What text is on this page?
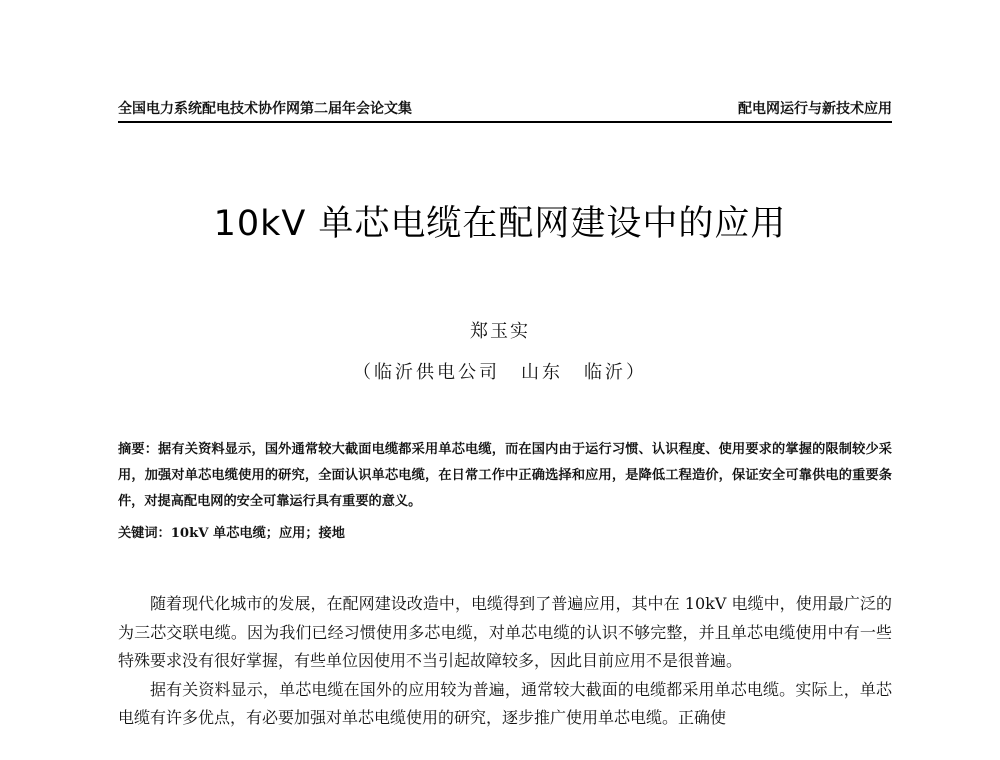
全国电力系统配电技术协作网第二届年会论文集	配电网运行与新技术应用
10kV 单芯电缆在配网建设中的应用
郑玉实
（临沂供电公司　山东　临沂）
摘要：据有关资料显示，国外通常较大截面电缆都采用单芯电缆，而在国内由于运行习惯、认识程度、使用要求的掌握的限制较少采用，加强对单芯电缆使用的研究，全面认识单芯电缆，在日常工作中正确选择和应用，是降低工程造价，保证安全可靠供电的重要条件，对提高配电网的安全可靠运行具有重要的意义。
关键词：10kV 单芯电缆；应用；接地

随着现代化城市的发展，在配网建设改造中，电缆得到了普遍应用，其中在 10kV 电缆中，使用最广泛的为三芯交联电缆。因为我们已经习惯使用多芯电缆，对单芯电缆的认识不够完整，并且单芯电缆使用中有一些特殊要求没有很好掌握，有些单位因使用不当引起故障较多，因此目前应用不是很普遍。

据有关资料显示，单芯电缆在国外的应用较为普遍，通常较大截面的电缆都采用单芯电缆。实际上，单芯电缆有许多优点，有必要加强对单芯电缆使用的研究，逐步推广使用单芯电缆。正确使
